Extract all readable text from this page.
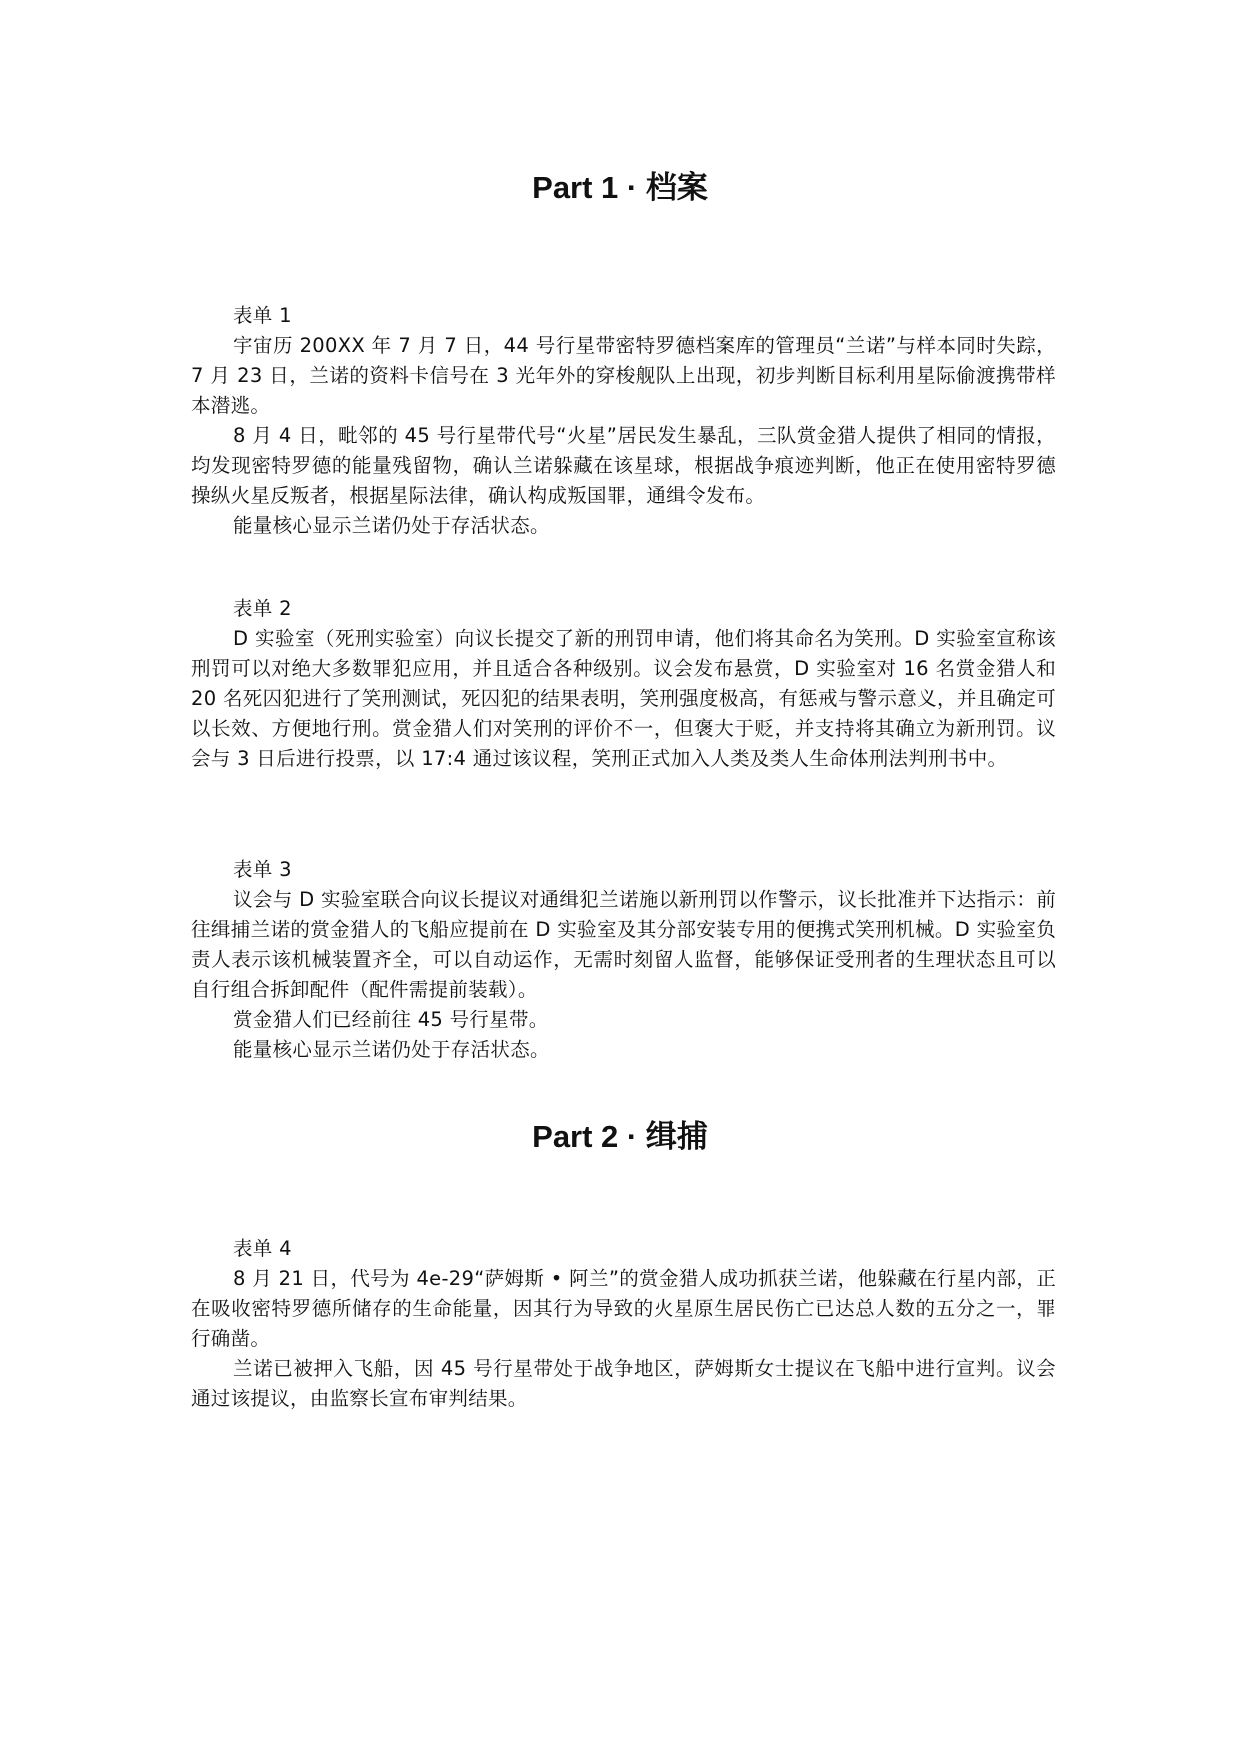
Part 1 · 档案

表单 1

宇宙历 200XX 年 7 月 7 日，44 号行星带密特罗德档案库的管理员“兰诺”与样本同时失踪，7 月 23 日，兰诺的资料卡信号在 3 光年外的穿梭舰队上出现，初步判断目标利用星际偷渡携带样本潜逃。

8 月 4 日，毗邻的 45 号行星带代号“火星”居民发生暴乱，三队赏金猎人提供了相同的情报，均发现密特罗德的能量残留物，确认兰诺躲藏在该星球，根据战争痕迹判断，他正在使用密特罗德操纵火星反叛者，根据星际法律，确认构成叛国罪，通缉令发布。

能量核心显示兰诺仍处于存活状态。

表单 2

D 实验室（死刑实验室）向议长提交了新的刑罚申请，他们将其命名为笑刑。D 实验室宣称该刑罚可以对绝大多数罪犯应用，并且适合各种级别。议会发布悬赏，D 实验室对 16 名赏金猎人和 20 名死囚犯进行了笑刑测试，死囚犯的结果表明，笑刑强度极高，有惩戒与警示意义，并且确定可以长效、方便地行刑。赏金猎人们对笑刑的评价不一，但褒大于贬，并支持将其确立为新刑罚。议会与 3 日后进行投票，以 17:4 通过该议程，笑刑正式加入人类及类人生命体刑法判刑书中。

表单 3

议会与 D 实验室联合向议长提议对通缉犯兰诺施以新刑罚以作警示，议长批准并下达指示：前往缉捕兰诺的赏金猎人的飞船应提前在 D 实验室及其分部安装专用的便携式笑刑机械。D 实验室负责人表示该机械装置齐全，可以自动运作，无需时刻留人监督，能够保证受刑者的生理状态且可以自行组合拆卸配件（配件需提前装载）。

赏金猎人们已经前往 45 号行星带。

能量核心显示兰诺仍处于存活状态。

Part 2 · 缉捕

表单 4

8 月 21 日，代号为 4e-29“萨姆斯 • 阿兰”的赏金猎人成功抓获兰诺，他躲藏在行星内部，正在吸收密特罗德所储存的生命能量，因其行为导致的火星原生居民伤亡已达总人数的五分之一，罪行确凿。

兰诺已被押入飞船，因 45 号行星带处于战争地区，萨姆斯女士提议在飞船中进行宣判。议会通过该提议，由监察长宣布审判结果。
